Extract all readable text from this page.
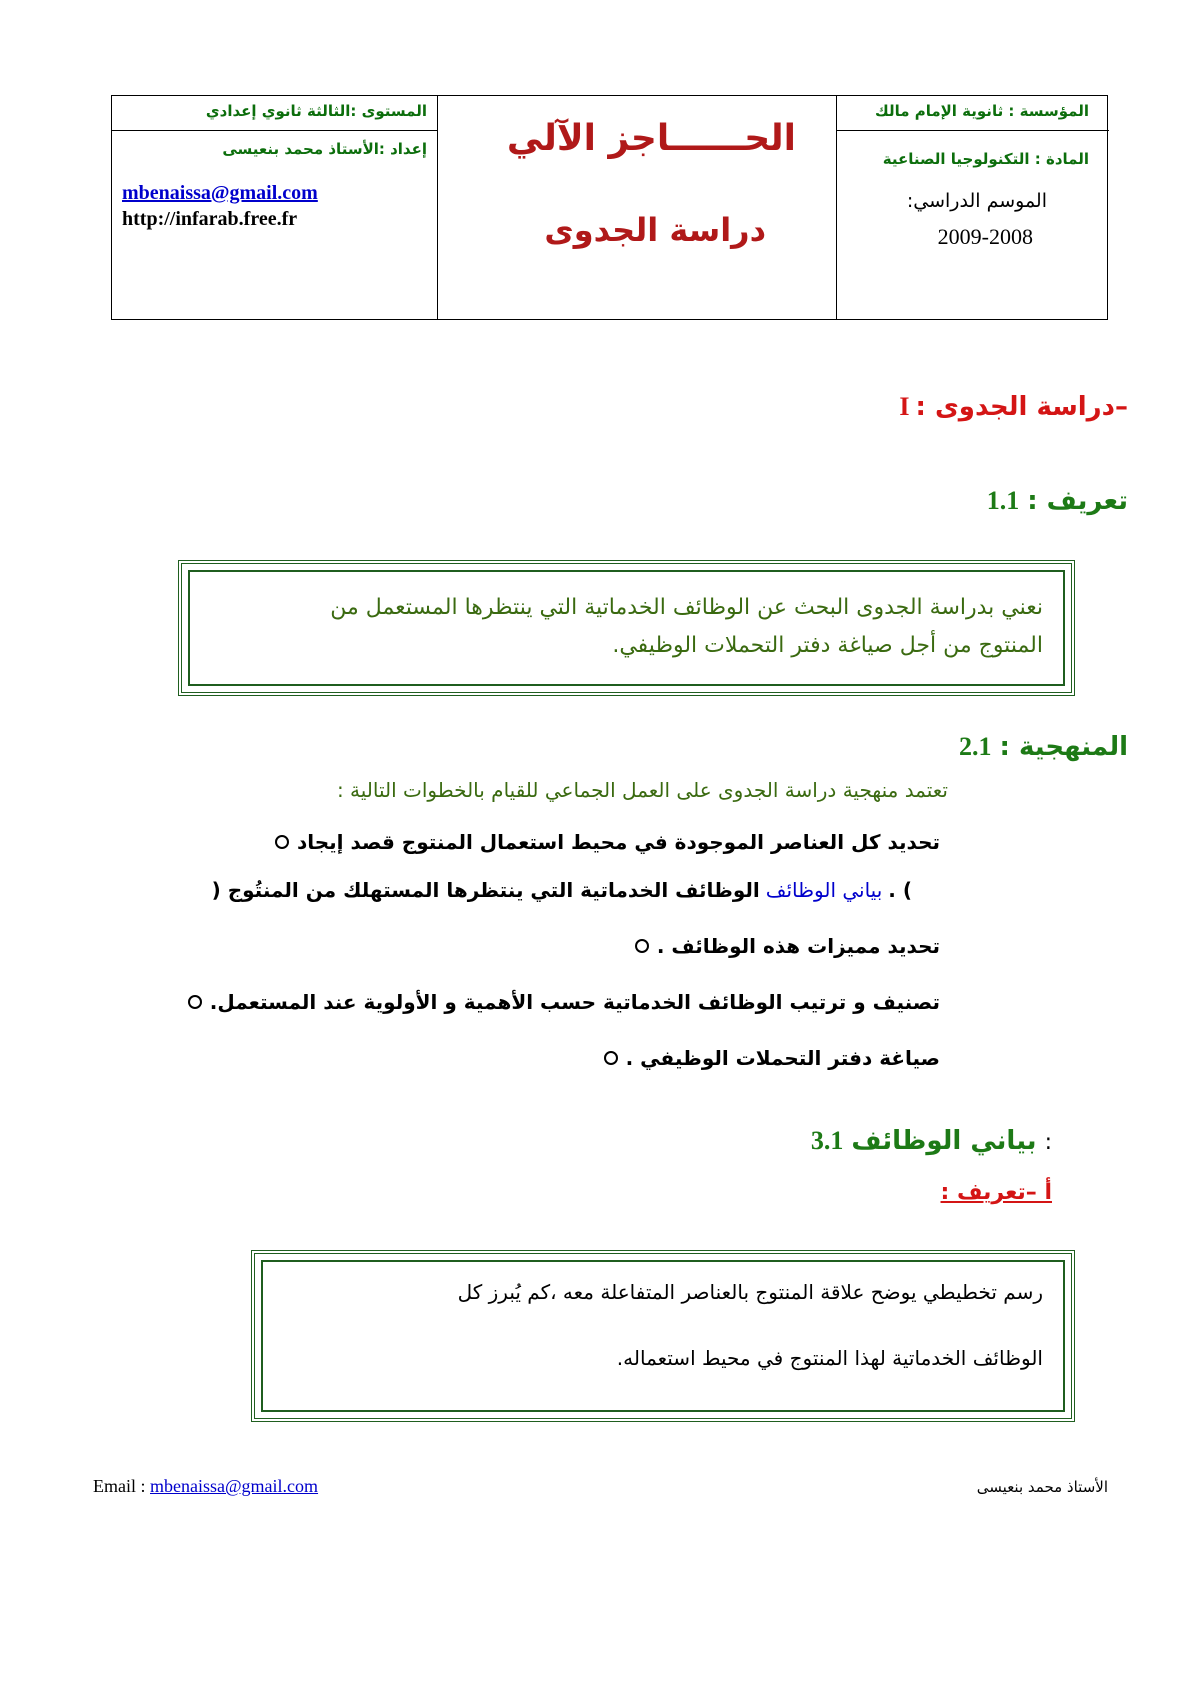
المستوى :الثالثة ثانوي إعدادي
إعداد :الأستاذ محمد بنعيسى
mbenaissa@gmail.com
http://infarab.free.fr
الحــــــاجز الآلي
دراسة الجدوى
المؤسسة : ثانوية الإمام مالك
المادة : التكنولوجيا الصناعية
الموسم الدراسي:
2009-2008
I –دراسة الجدوى :
1.1 تعريف :
نعني بدراسة الجدوى البحث عن الوظائف الخدماتية التي ينتظرها المستعمل من
المنتوج من أجل صياغة دفتر التحملات الوظيفي.
2.1 المنهجية :
تعتمد منهجية دراسة الجدوى على العمل الجماعي للقيام بالخطوات التالية :
تحديد كل العناصر الموجودة في محيط استعمال المنتوج قصد إيجاد
الوظائف الخدماتية التي ينتظرها المستهلك من المنتُوج ( بياني الوظائف ) .
تحديد مميزات هذه الوظائف .
تصنيف و ترتيب الوظائف الخدماتية حسب الأهمية و الأولوية عند المستعمل.
صياغة دفتر التحملات الوظيفي .
3.1 بياني الوظائف :
أ –تعريف :
رسم تخطيطي يوضح علاقة المنتوج بالعناصر المتفاعلة معه ،كم يُبرز كل
الوظائف الخدماتية لهذا المنتوج في محيط استعماله.
Email : mbenaissa@gmail.com	الأستاذ محمد بنعيسى
